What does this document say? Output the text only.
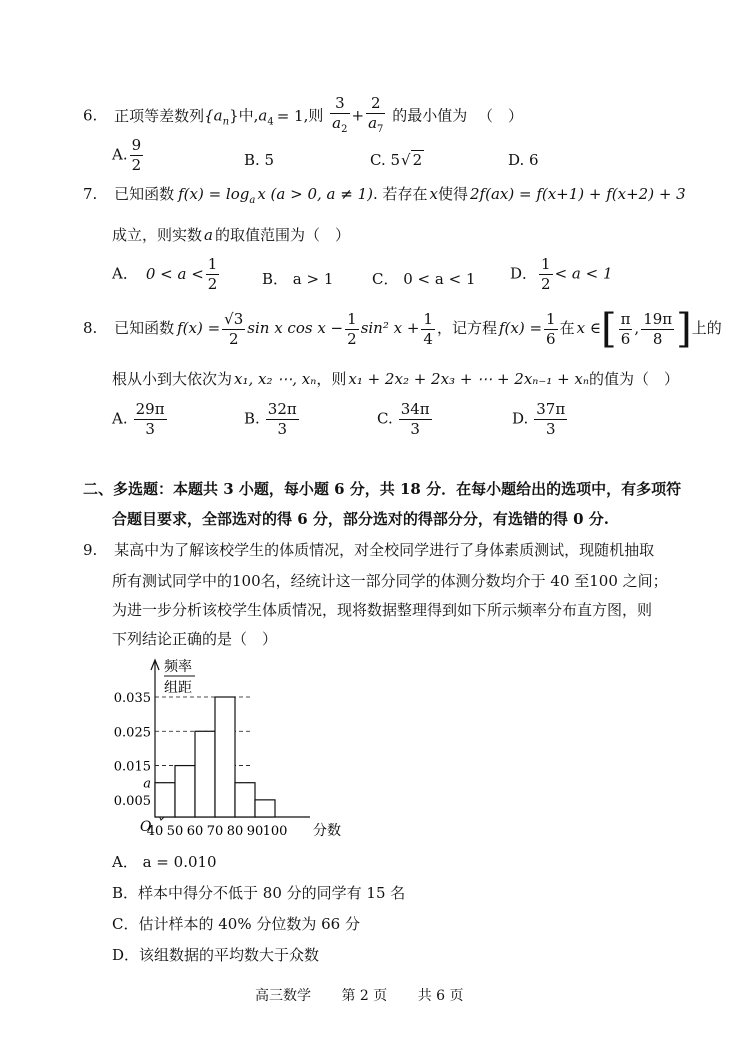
6. 正项等差数列$\{a_n\}$中$,a_4 = 1$,则 $\frac{3}{a_2} + \frac{2}{a_7}$ 的最小值为 （　）
A. $\frac{9}{2}$	B. 5	C. 5√ 2	D. 6
7. 已知函数 $f(x) = \log_a x$ (a > 0, a ≠ 1). 若存在 x使得 2f(ax) = f(x+1) + f(x+2) + 3
成立，则实数 a 的取值范围为（　）
A． $0 < a < \frac{1}{2}$	B． a > 1	C． 0 < a < 1 D． $\frac{1}{2} < a < 1$
8. 已知函数 $f(x) = \frac{√3}{2}$ sin x $\cos x - \frac{1}{2} \sin^2$ $x + \frac{1}{4}$ ，记方程 $f(x) = \frac{1}{6}$ 在 x ∈[ $\frac{\pi}{6}$ , $\frac{19\pi}{8}$ ]上的
根从小到大依次为 x₁, x₂ ⋯, xₙ，则 x₁ + 2x₂ + 2x₃ + ⋯ + 2xₙ₋₁ + xₙ的值为（　）
A. $\frac{29\pi}{3}$	B. $\frac{32\pi}{3}$	C. $\frac{34\pi}{3}$	D. $\frac{37\pi}{3}$
二、多选题：本题共 3 小题，每小题 6 分，共 18 分．在每小题给出的选项中，有多项符
合题目要求，全部选对的得 6 分，部分选对的得部分分，有选错的得 0 分.
9. 某高中为了解该校学生的体质情况，对全校同学进行了身体素质测试，现随机抽取
所有测试同学中的100名，经统计这一部分同学的体测分数均介于 40 至100 之间；
为进一步分析该校学生体质情况，现将数据整理得到如下所示频率分布直方图，则
下列结论正确的是（　）
0.035
0.025
0.015
a
0.005
40 50 60 70 80 90 100
频率
组距
分数
O
A． a = 0.010
B．样本中得分不低于 80 分的同学有 15 名
C．估计样本的 40% 分位数为 66 分
D．该组数据的平均数大于众数
高三数学 第 2 页 共 6 页
